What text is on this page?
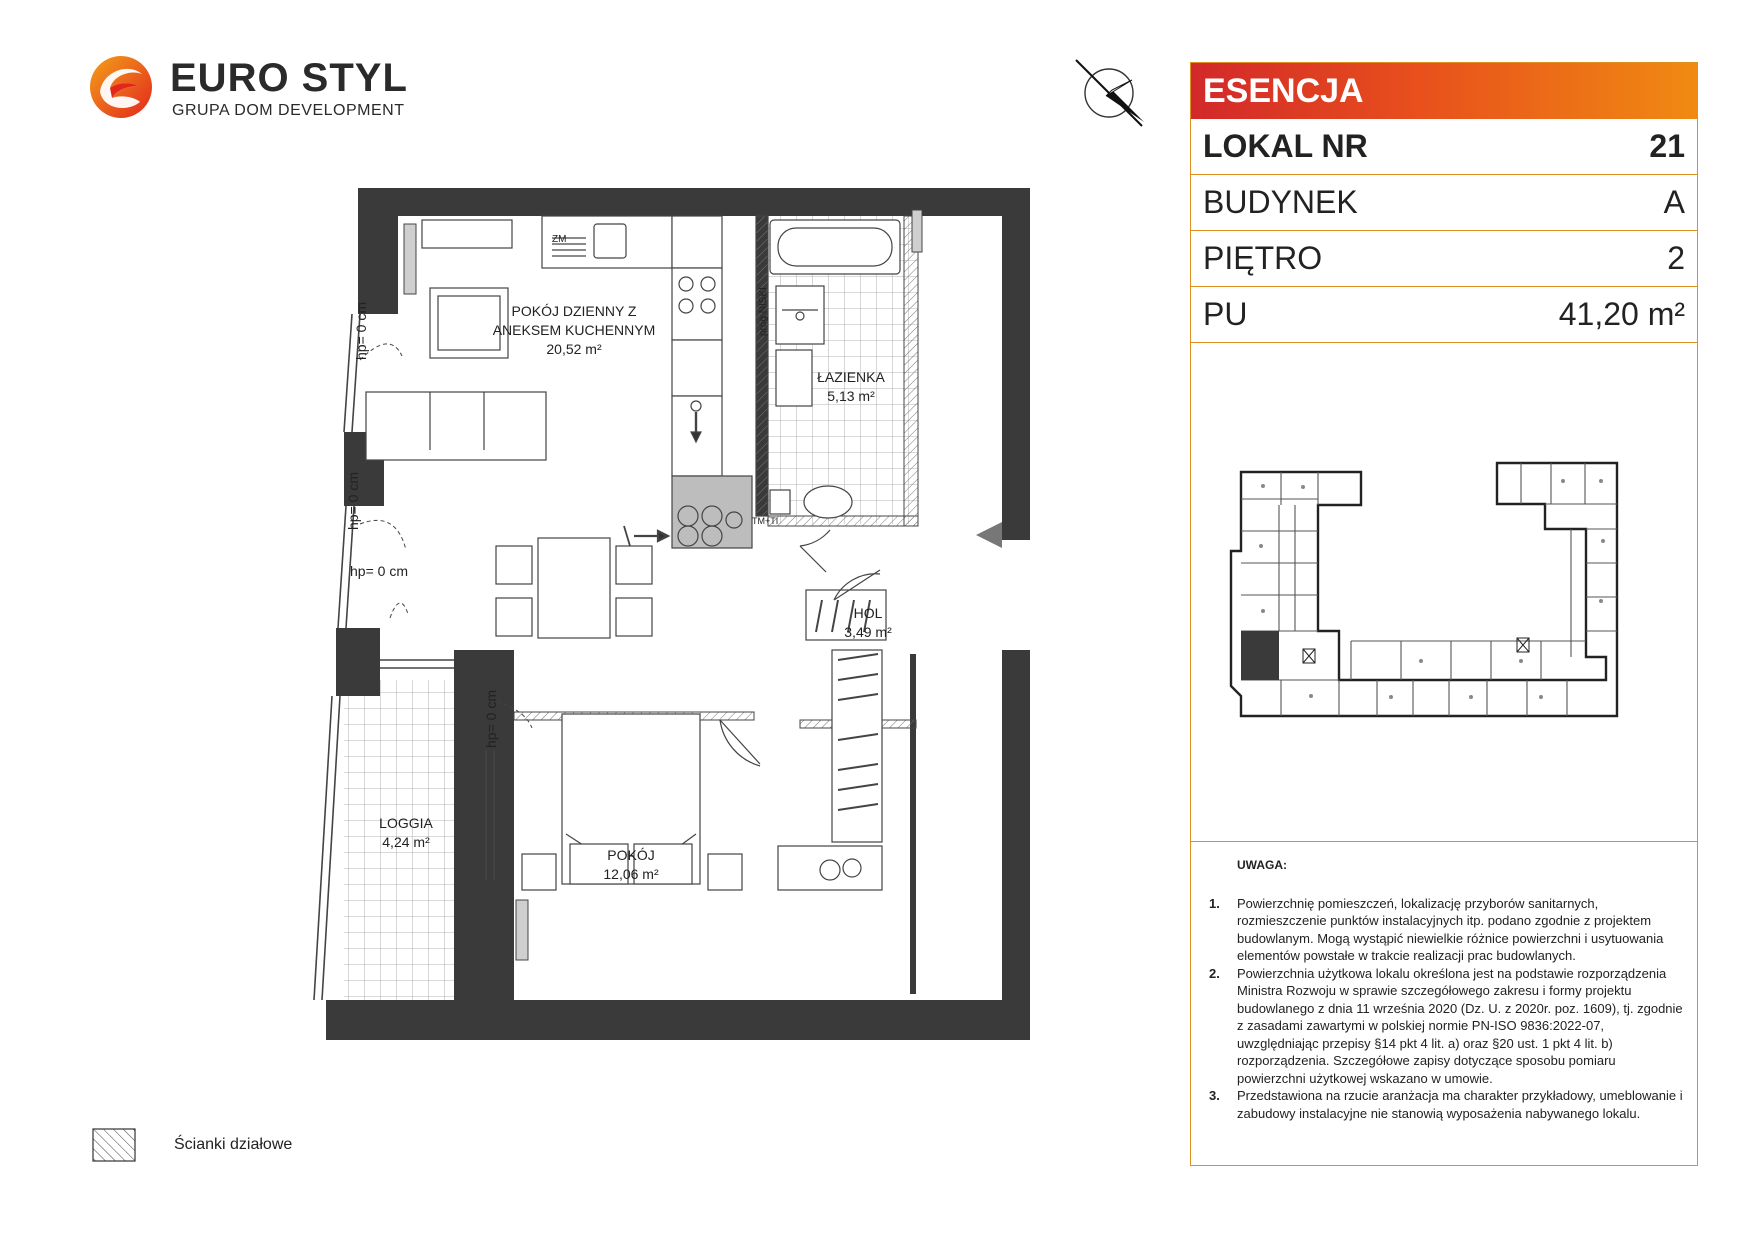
EURO STYL
GRUPA DOM DEVELOPMENT
ESENCJA
LOKAL NR	21
BUDYNEK	A
PIĘTRO	2
PU	41,20 m²
UWAGA:
1. Powierzchnię pomieszczeń, lokalizację przyborów sanitarnych, rozmieszczenie punktów instalacyjnych itp. podano zgodnie z projektem budowlanym. Mogą wystąpić niewielkie różnice powierzchni i usytuowania elementów powstałe w trakcie realizacji prac budowlanych.
2. Powierzchnia użytkowa lokalu określona jest na podstawie rozporządzenia Ministra Rozwoju w sprawie szczegółowego zakresu i formy projektu budowlanego z dnia 11 września 2020 (Dz. U. z 2020r. poz. 1609), tj. zgodnie z zasadami zawartymi w polskiej normie PN-ISO 9836:2022-07, uwzględniając przepisy §14 pkt 4 lit. a) oraz §20 ust. 1 pkt 4 lit. b) rozporządzenia. Szczegółowe zapisy dotyczące sposobu pomiaru powierzchni użytkowej wskazano w umowie.
3. Przedstawiona na rzucie aranżacja ma charakter przykładowy, umeblowanie i zabudowy instalacyjne nie stanowią wyposażenia nabywanego lokalu.
hp= 0 cm
hp= 0 cm
hp= 0 cm
hp= 0 cm
ZM
próg NISKI
TM+TI
POKÓJ DZIENNY Z
ANEKSEM KUCHENNYM
20,52 m²
ŁAZIENKA
5,13 m²
HOL
3,49 m²
LOGGIA
4,24 m²
POKÓJ
12,06 m²
Ścianki działowe
